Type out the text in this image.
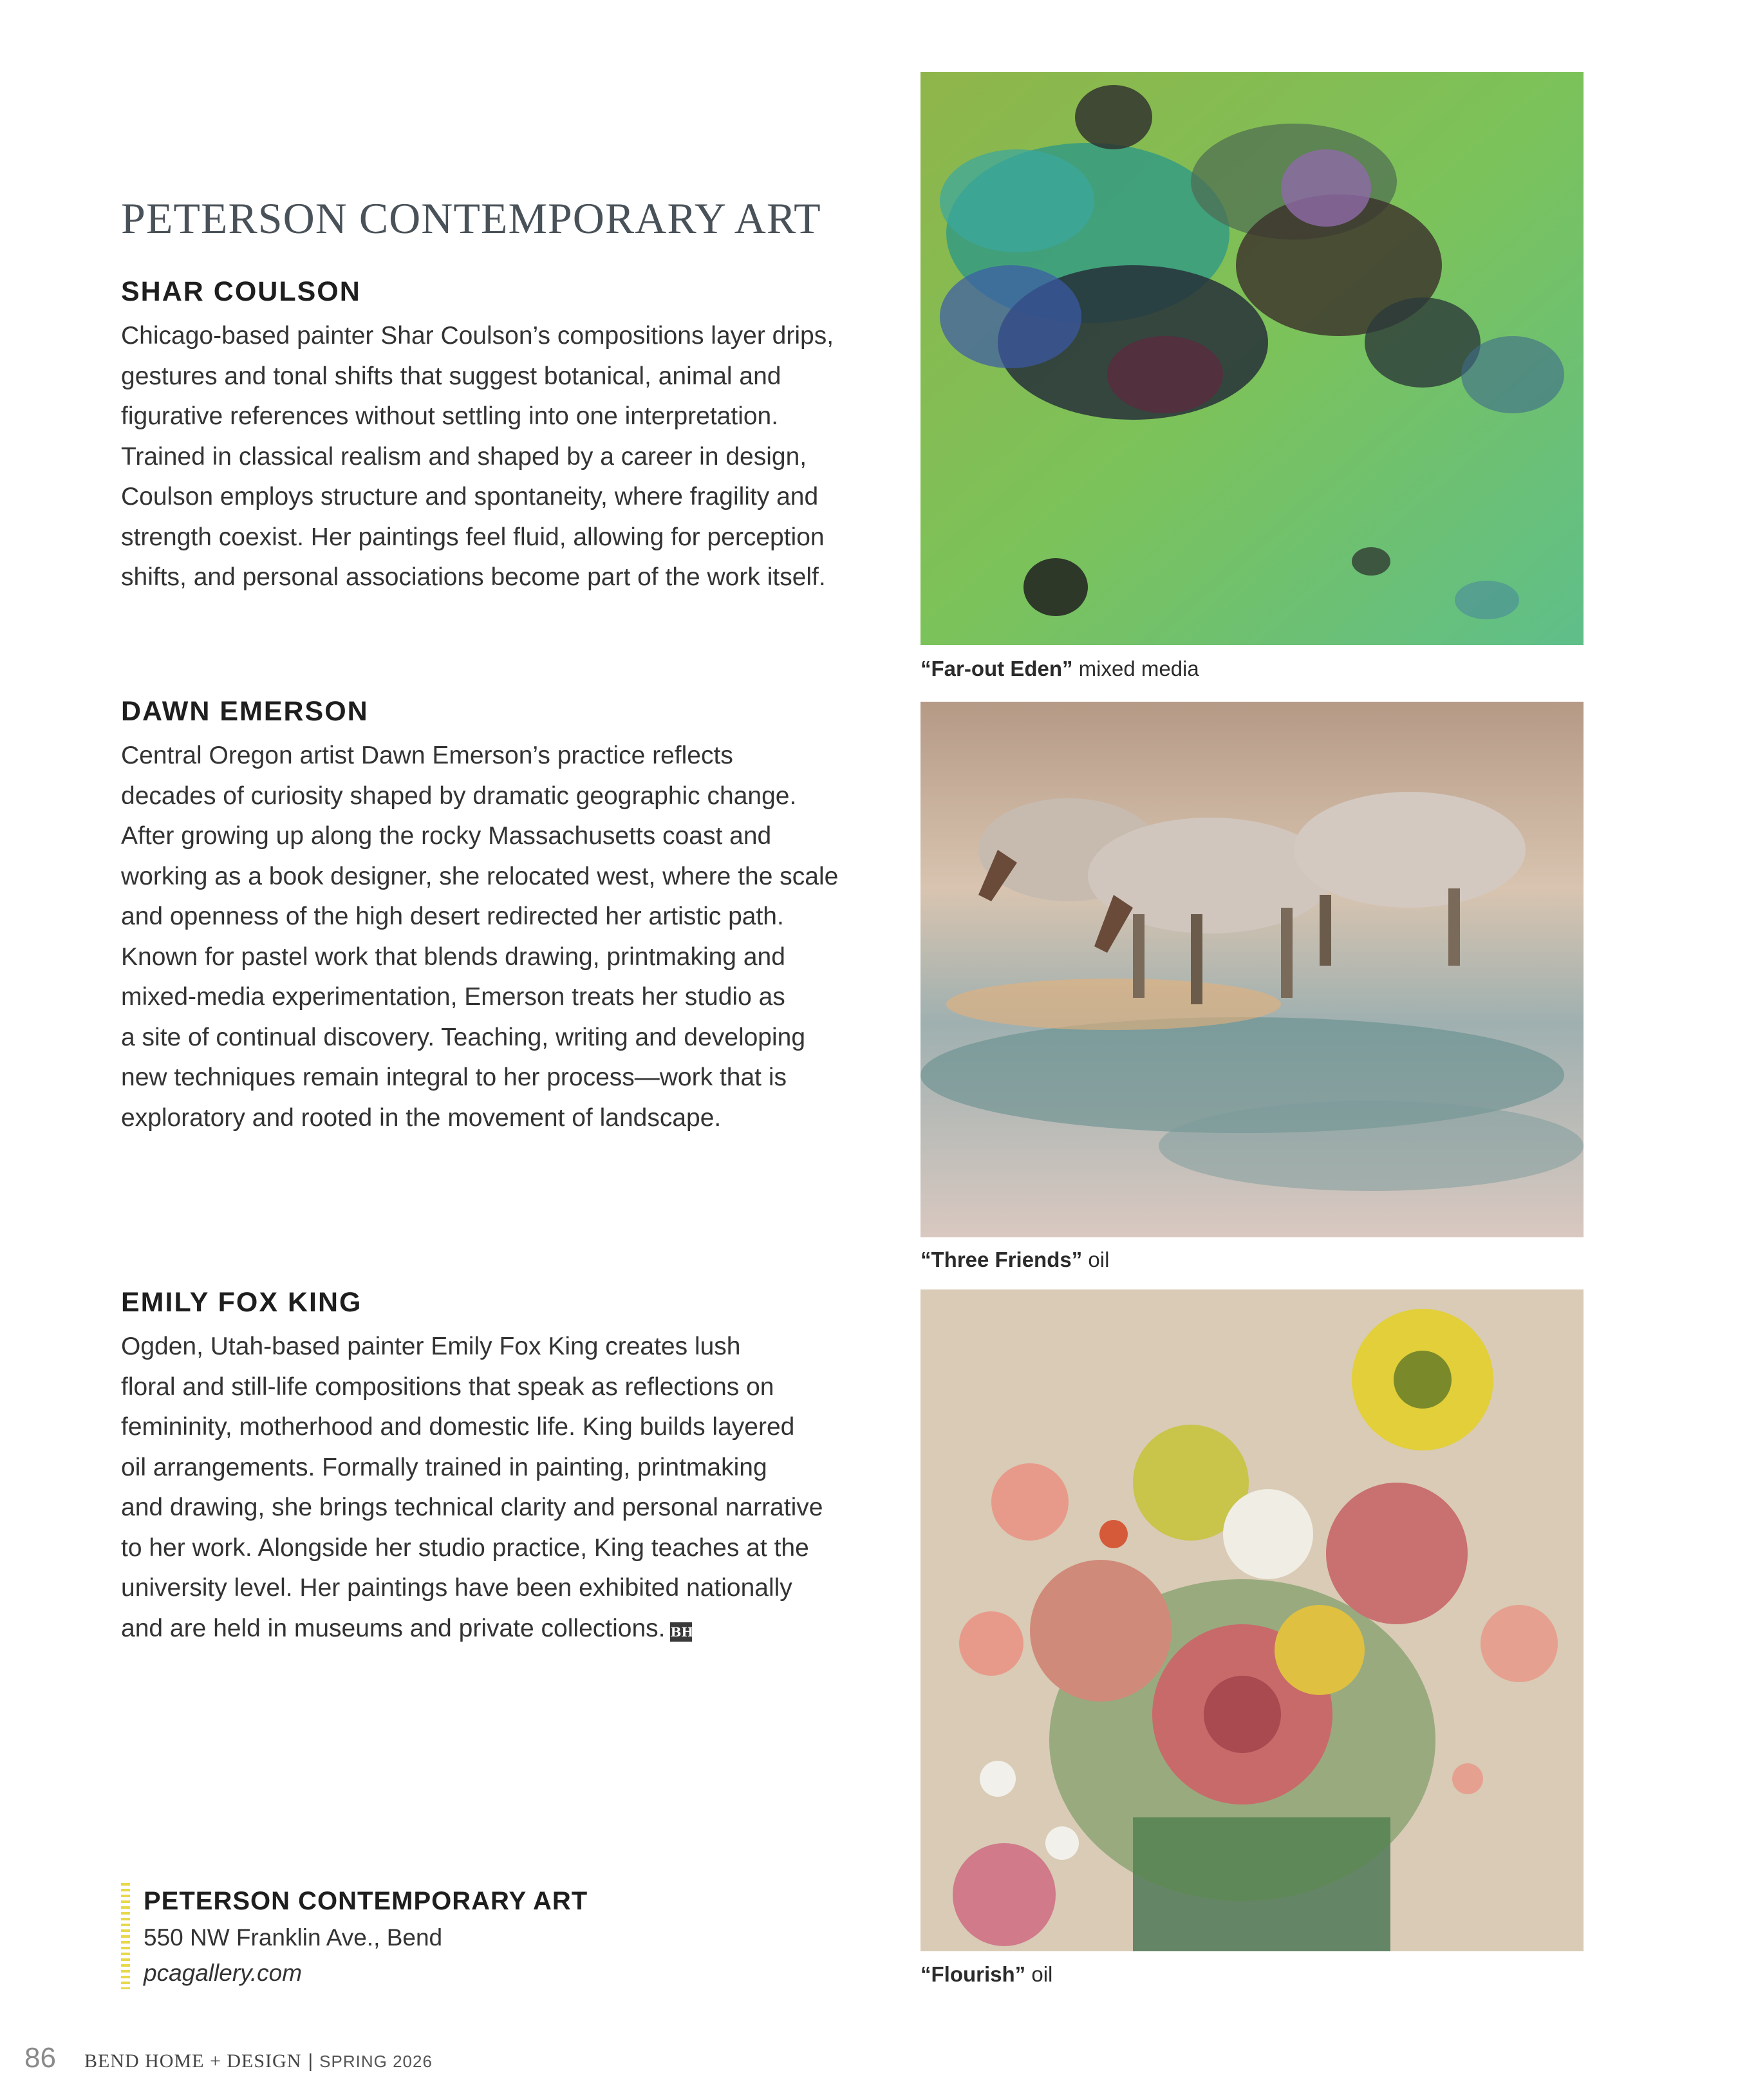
PETERSON CONTEMPORARY ART
SHAR COULSON

Chicago-based painter Shar Coulson’s compositions layer drips,

gestures and tonal shifts that suggest botanical, animal and

figurative references without settling into one interpretation.

Trained in classical realism and shaped by a career in design,

Coulson employs structure and spontaneity, where fragility and

strength coexist. Her paintings feel fluid, allowing for perception

shifts, and personal associations become part of the work itself.

DAWN EMERSON

Central Oregon artist Dawn Emerson’s practice reflects

decades of curiosity shaped by dramatic geographic change.

After growing up along the rocky Massachusetts coast and

working as a book designer, she relocated west, where the scale

and openness of the high desert redirected her artistic path.

Known for pastel work that blends drawing, printmaking and

mixed-media experimentation, Emerson treats her studio as

a site of continual discovery. Teaching, writing and developing

new techniques remain integral to her process—work that is

exploratory and rooted in the movement of landscape.

EMILY FOX KING

Ogden, Utah-based painter Emily Fox King creates lush

floral and still-life compositions that speak as reflections on

femininity, motherhood and domestic life. King builds layered

oil arrangements. Formally trained in painting, printmaking

and drawing, she brings technical clarity and personal narrative

to her work. Alongside her studio practice, King teaches at the

university level. Her paintings have been exhibited nationally

and are held in museums and private collections. BH

“Far-out Eden” mixed media
“Three Friends” oil
“Flourish” oil
PETERSON CONTEMPORARY ART
550 NW Franklin Ave., Bend
pcagallery.com
86 BEND HOME + DESIGN | SPRING 2026
